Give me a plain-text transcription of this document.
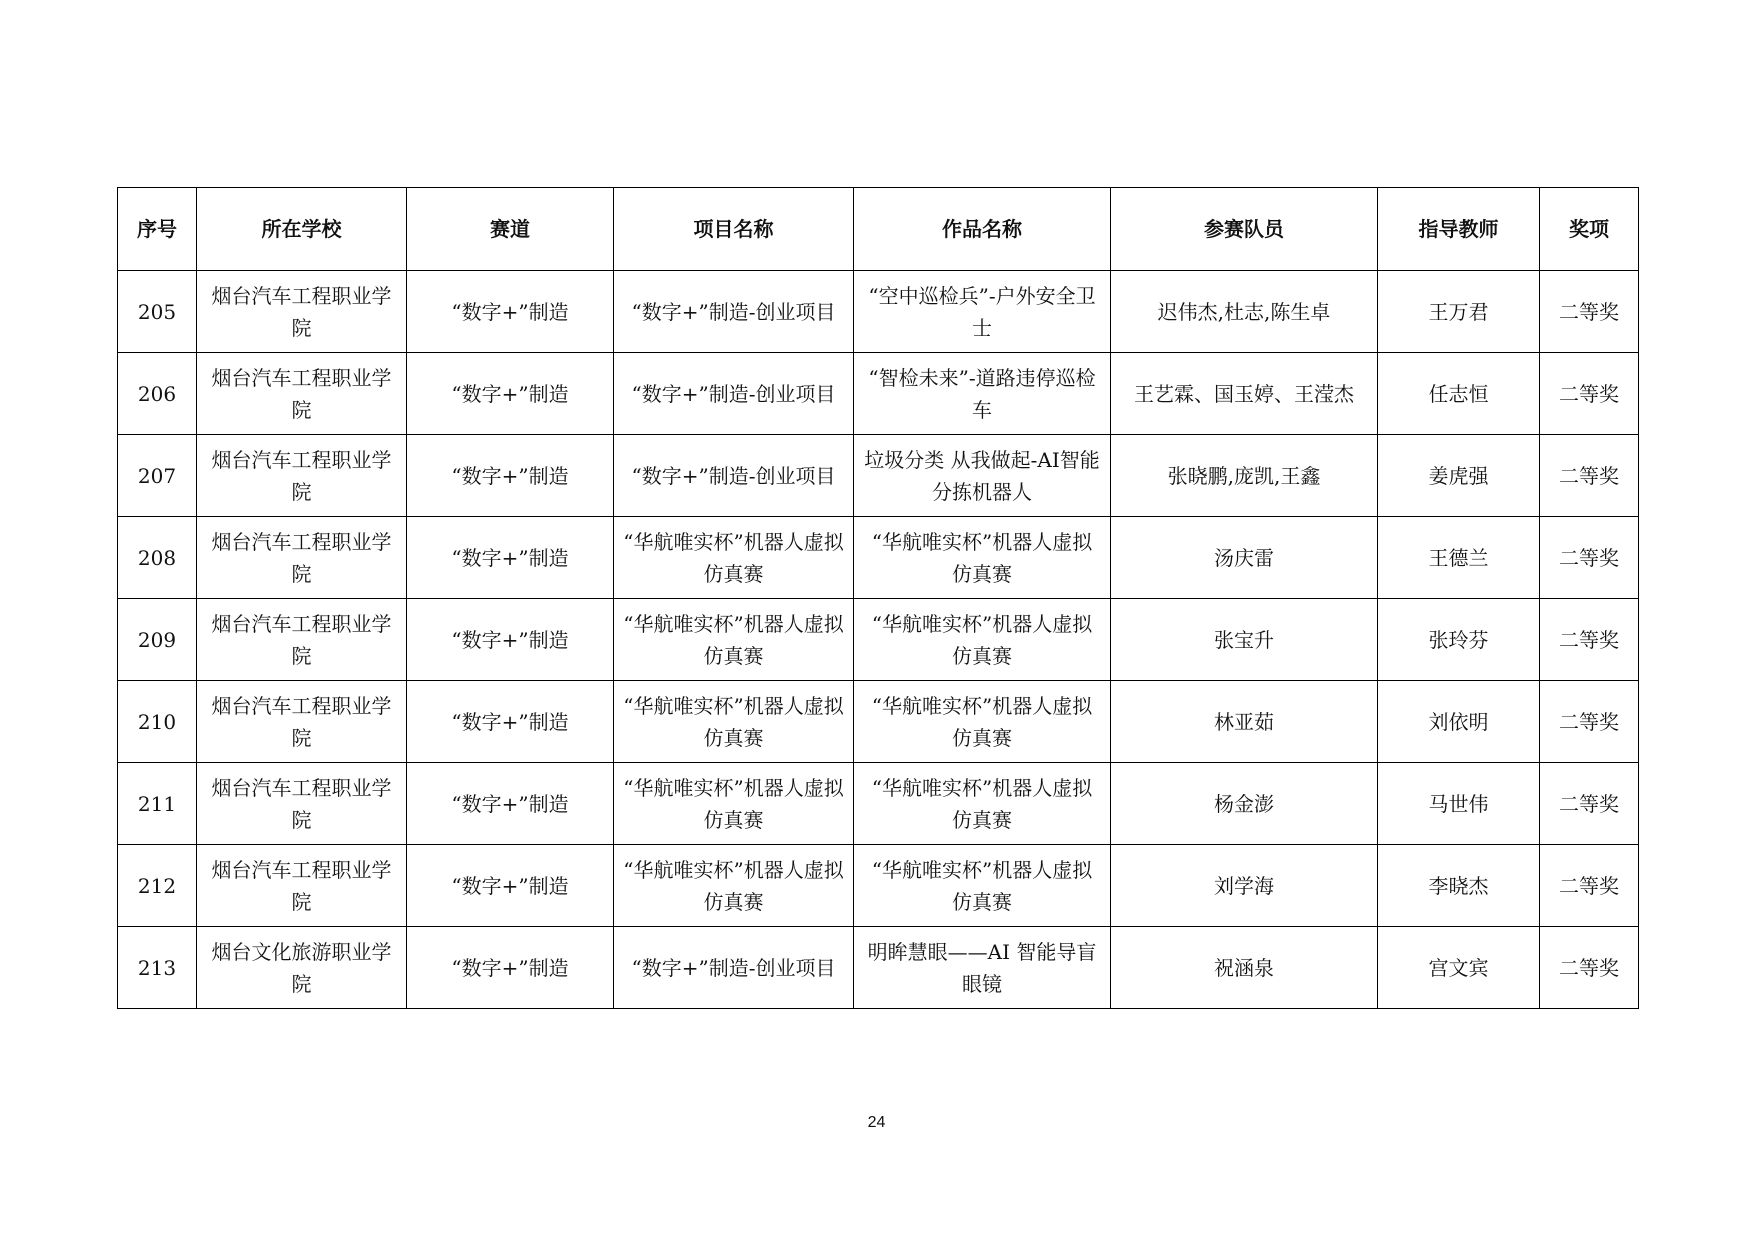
序号	所在学校	赛道	项目名称	作品名称	参赛队员	指导教师	奖项
205	烟台汽车工程职业学院	“数字+”制造	“数字+”制造-创业项目	“空中巡检兵”-户外安全卫士	迟伟杰,杜志,陈生卓	王万君	二等奖
206	烟台汽车工程职业学院	“数字+”制造	“数字+”制造-创业项目	“智检未来”-道路违停巡检车	王艺霖、国玉婷、王滢杰	任志恒	二等奖
207	烟台汽车工程职业学院	“数字+”制造	“数字+”制造-创业项目	垃圾分类 从我做起-AI智能分拣机器人	张晓鹏,庞凯,王鑫	姜虎强	二等奖
208	烟台汽车工程职业学院	“数字+”制造	“华航唯实杯”机器人虚拟仿真赛	“华航唯实杯”机器人虚拟仿真赛	汤庆雷	王德兰	二等奖
209	烟台汽车工程职业学院	“数字+”制造	“华航唯实杯”机器人虚拟仿真赛	“华航唯实杯”机器人虚拟仿真赛	张宝升	张玲芬	二等奖
210	烟台汽车工程职业学院	“数字+”制造	“华航唯实杯”机器人虚拟仿真赛	“华航唯实杯”机器人虚拟仿真赛	林亚茹	刘依明	二等奖
211	烟台汽车工程职业学院	“数字+”制造	“华航唯实杯”机器人虚拟仿真赛	“华航唯实杯”机器人虚拟仿真赛	杨金澎	马世伟	二等奖
212	烟台汽车工程职业学院	“数字+”制造	“华航唯实杯”机器人虚拟仿真赛	“华航唯实杯”机器人虚拟仿真赛	刘学海	李晓杰	二等奖
213	烟台文化旅游职业学院	“数字+”制造	“数字+”制造-创业项目	明眸慧眼——AI 智能导盲眼镜	祝涵泉	宫文宾	二等奖
24
